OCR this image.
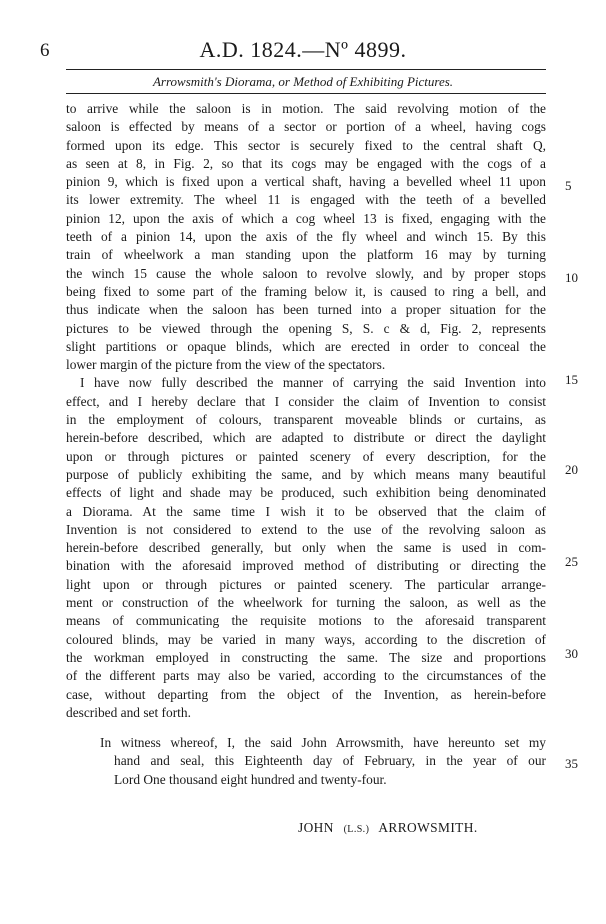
6	A.D. 1824.—Nº 4899.
Arrowsmith's Diorama, or Method of Exhibiting Pictures.
to arrive while the saloon is in motion. The said revolving motion of the
saloon is effected by means of a sector or portion of a wheel, having cogs
formed upon its edge. This sector is securely fixed to the central shaft Q,
as seen at 8, in Fig. 2, so that its cogs may be engaged with the cogs of a
pinion 9, which is fixed upon a vertical shaft, having a bevelled wheel 11 upon
its lower extremity. The wheel 11 is engaged with the teeth of a bevelled
pinion 12, upon the axis of which a cog wheel 13 is fixed, engaging with the
teeth of a pinion 14, upon the axis of the fly wheel and winch 15. By this
train of wheelwork a man standing upon the platform 16 may by turning
the winch 15 cause the whole saloon to revolve slowly, and by proper stops
being fixed to some part of the framing below it, is caused to ring a bell, and
thus indicate when the saloon has been turned into a proper situation for the
pictures to be viewed through the opening S, S. c & d, Fig. 2, represents
slight partitions or opaque blinds, which are erected in order to conceal the
lower margin of the picture from the view of the spectators.
I have now fully described the manner of carrying the said Invention into
effect, and I hereby declare that I consider the claim of Invention to consist
in the employment of colours, transparent moveable blinds or curtains, as
herein-before described, which are adapted to distribute or direct the daylight
upon or through pictures or painted scenery of every description, for the
purpose of publicly exhibiting the same, and by which means many beautiful
effects of light and shade may be produced, such exhibition being denominated
a Diorama. At the same time I wish it to be observed that the claim of
Invention is not considered to extend to the use of the revolving saloon as
herein-before described generally, but only when the same is used in com-
bination with the aforesaid improved method of distributing or directing the
light upon or through pictures or painted scenery. The particular arrange-
ment or construction of the wheelwork for turning the saloon, as well as the
means of communicating the requisite motions to the aforesaid transparent
coloured blinds, may be varied in many ways, according to the discretion of
the workman employed in constructing the same. The size and proportions
of the different parts may also be varied, according to the circumstances of the
case, without departing from the object of the Invention, as herein-before
described and set forth.
In witness whereof, I, the said John Arrowsmith, have hereunto set my
hand and seal, this Eighteenth day of February, in the year of our
Lord One thousand eight hundred and twenty-four.
5
10
15
20
25
30
35
JOHN (L.S.) ARROWSMITH.
